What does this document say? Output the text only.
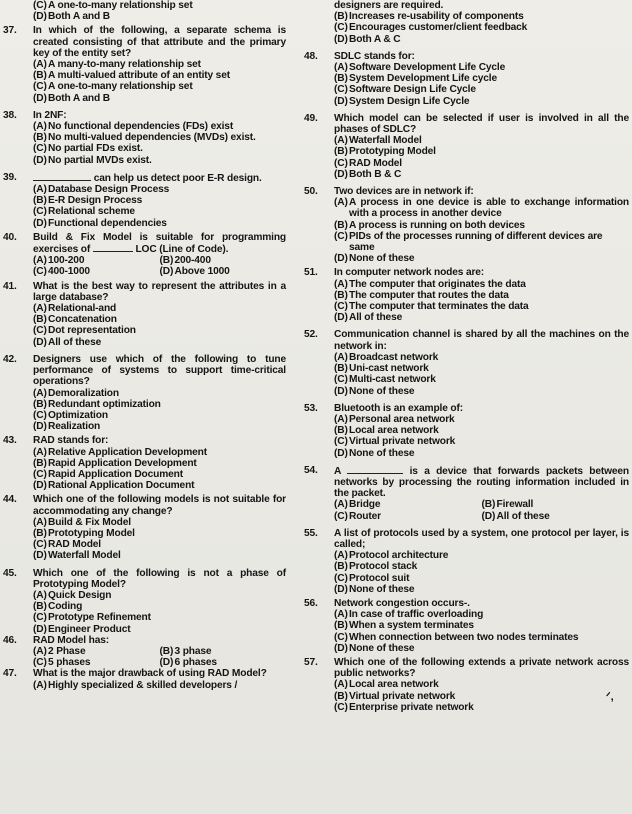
(C) A one-to-many relationship set
(D) Both A and B
37.	In which of the following, a separate schema is created consisting of that attribute and the primary key of the entity set?
(A) A many-to-many relationship set
(B) A multi-valued attribute of an entity set
(C) A one-to-many relationship set
(D) Both A and B
38.	In 2NF:
(A) No functional dependencies (FDs) exist
(B) No multi-valued dependencies (MVDs) exist.
(C) No partial FDs exist.
(D) No partial MVDs exist.
39.	can help us detect poor E-R design.
(A) Database Design Process
(B) E-R Design Process
(C) Relational scheme
(D) Functional dependencies
40.	Build & Fix Model is suitable for programming exercises of	LOC (Line of Code).
(A) 100-200	(B) 200-400
(C) 400-1000	(D) Above 1000
41.	What is the best way to represent the attributes in a large database?
(A) Relational-and
(B) Concatenation
(C) Dot representation
(D) All of these
42.	Designers use which of the following to tune performance of systems to support time-critical operations?
(A) Demoralization
(B) Redundant optimization
(C) Optimization
(D) Realization
43.	RAD stands for:
(A) Relative Application Development
(B) Rapid Application Development
(C) Rapid Application Document
(D) Rational Application Document
44.	Which one of the following models is not suitable for accommodating any change?
(A) Build & Fix Model
(B) Prototyping Model
(C) RAD Model
(D) Waterfall Model
45.	Which one of the following is not a phase of Prototyping Model?
(A) Quick Design
(B) Coding
(C) Prototype Refinement
(D) Engineer Product
46.	RAD Model has:
(A) 2 Phase	(B) 3 phase
(C) 5 phases	(D) 6 phases
47.	What is the major drawback of using RAD Model?
(A) Highly specialized & skilled developers /
designers are required.
(B) Increases re-usability of components
(C) Encourages customer/client feedback
(D) Both A & C
48.	SDLC stands for:
(A) Software Development Life Cycle
(B) System Development Life cycle
(C) Software Design Life Cycle
(D) System Design Life Cycle
49.	Which model can be selected if user is involved in all the phases of SDLC?
(A) Waterfall Model
(B) Prototyping Model
(C) RAD Model
(D) Both B & C
50.	Two devices are in network if:
(A) A process in one device is able to exchange information with a process in another device
(B) A process is running on both devices
(C) PIDs of the processes running of different devices are same
(D) None of these
51.	In computer network nodes are:
(A) The computer that originates the data
(B) The computer that routes the data
(C) The computer that terminates the data
(D) All of these
52.	Communication channel is shared by all the machines on the network in:
(A) Broadcast network
(B) Uni-cast network
(C) Multi-cast network
(D) None of these
53.	Bluetooth is an example of:
(A) Personal area network
(B) Local area network
(C) Virtual private network
(D) None of these
54.	A	is a device that forwards packets between networks by processing the routing information included in the packet.
(A) Bridge	(B) Firewall
(C) Router	(D) All of these
55.	A list of protocols used by a system, one protocol per layer, is called;
(A) Protocol architecture
(B) Protocol stack
(C) Protocol suit
(D) None of these
56.	Network congestion occurs-.
(A) In case of traffic overloading
(B) When a system terminates
(C) When connection between two nodes terminates
(D) None of these
57.	Which one of the following extends a private network across public networks?
(A) Local area network
(B) Virtual private network
(C) Enterprise private network
ᐟ,
